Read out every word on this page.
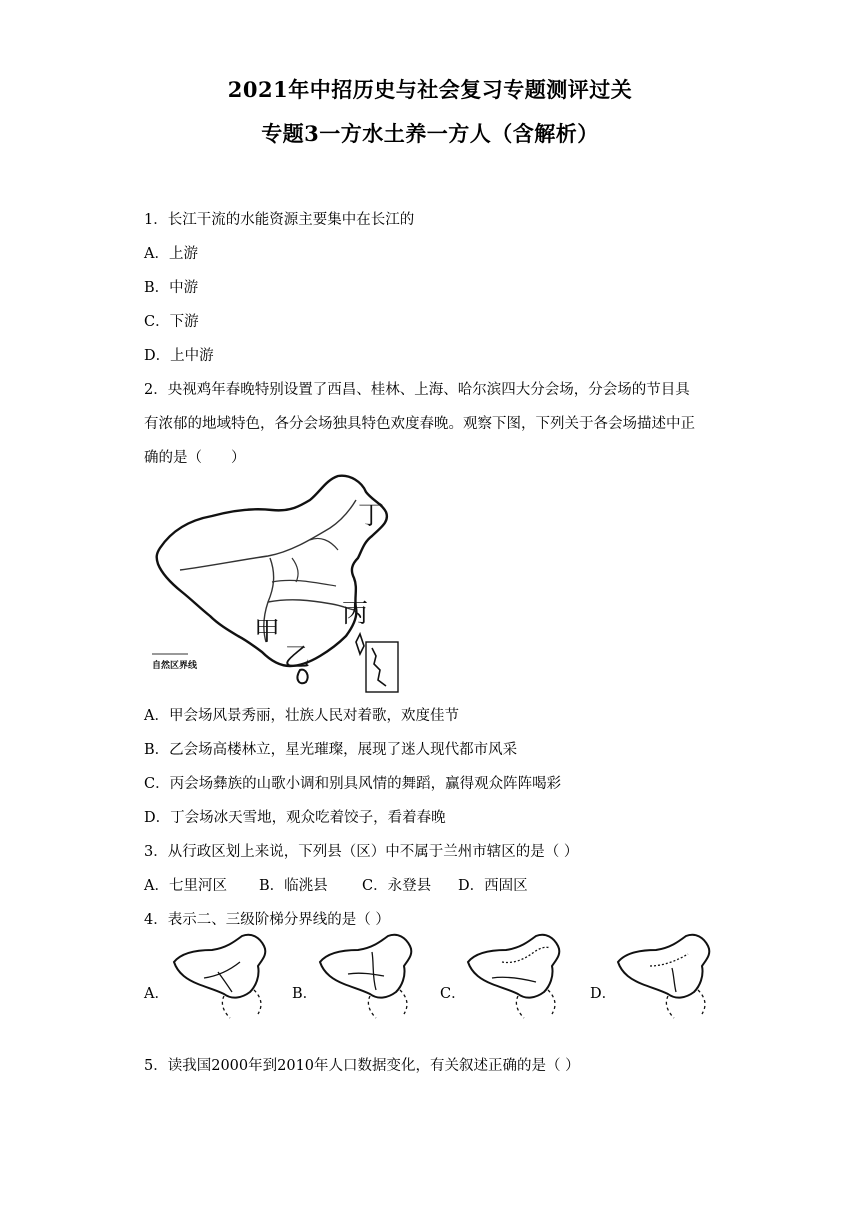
2021年中招历史与社会复习专题测评过关
专题3一方水土养一方人（含解析）
1．长江干流的水能资源主要集中在长江的
A．上游
B．中游
C．下游
D．上中游
2．央视鸡年春晚特别设置了西昌、桂林、上海、哈尔滨四大分会场，分会场的节目具
有浓郁的地域特色，各分会场独具特色欢度春晚。观察下图，下列关于各会场描述中正
确的是（　　）
丁
丙
甲
乙
自然区界线
A．甲会场风景秀丽，壮族人民对着歌，欢度佳节
B．乙会场高楼林立，星光璀璨，展现了迷人现代都市风采
C．丙会场彝族的山歌小调和别具风情的舞蹈，赢得观众阵阵喝彩
D．丁会场冰天雪地，观众吃着饺子，看着春晚
3．从行政区划上来说，下列县（区）中不属于兰州市辖区的是（ ）
A．七里河区 B．临洮县 C．永登县 D．西固区
4．表示二、三级阶梯分界线的是（ ）
A．	B．	C．	D．
5．读我国2000年到2010年人口数据变化，有关叙述正确的是（ ）
